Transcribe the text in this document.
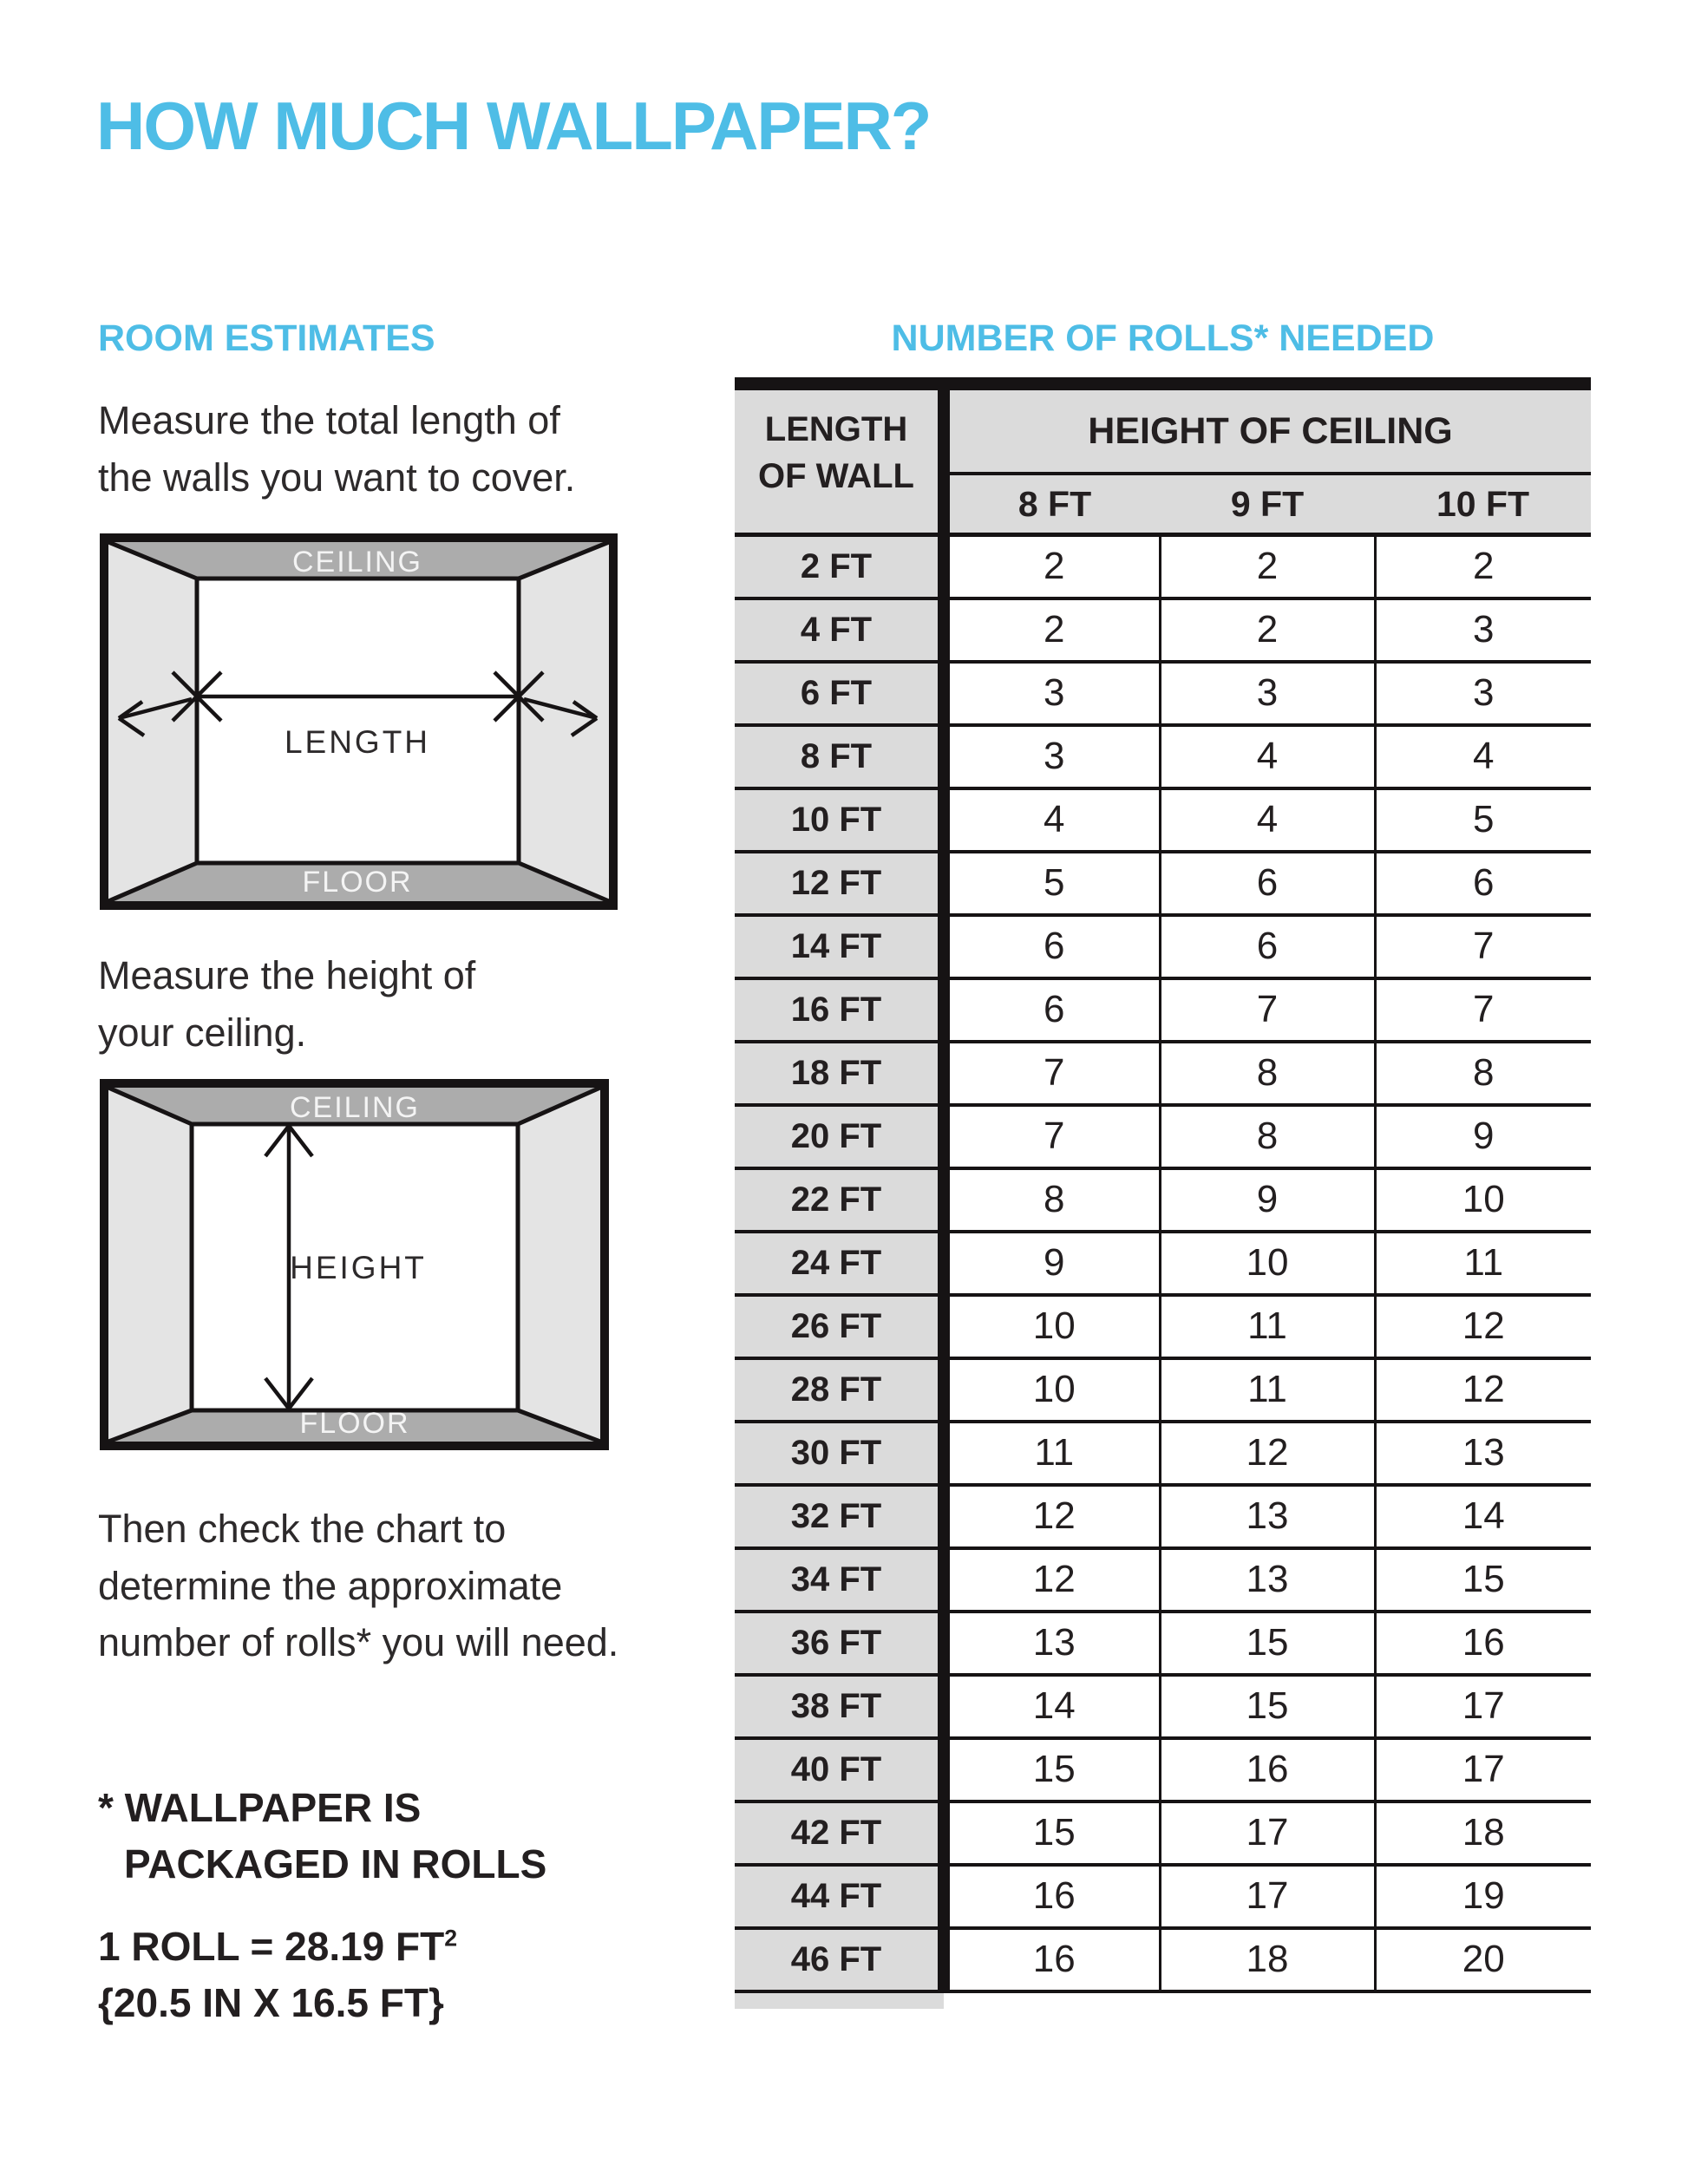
HOW MUCH WALLPAPER?
ROOM ESTIMATES	NUMBER OF ROLLS* NEEDED
Measure the total length of
the walls you want to cover.
CEILING
FLOOR
LENGTH
Measure the height of
your ceiling.
CEILING
FLOOR
HEIGHT
Then check the chart to
determine the approximate
number of rolls* you will need.
* WALLPAPER IS
PACKAGED IN ROLLS
1 ROLL = 28.19 $FT^2$
{20.5 IN X 16.5 FT}
LENGTH OF WALL	HEIGHT OF CEILING		
	8 FT	9 FT	10 FT
2 FT	2	2	2
4 FT	2	2	3
6 FT	3	3	3
8 FT	3	4	4
10 FT	4	4	5
12 FT	5	6	6
14 FT	6	6	7
16 FT	6	7	7
18 FT	7	8	8
20 FT	7	8	9
22 FT	8	9	10
24 FT	9	10	11
26 FT	10	11	12
28 FT	10	11	12
30 FT	11	12	13
32 FT	12	13	14
34 FT	12	13	15
36 FT	13	15	16
38 FT	14	15	17
40 FT	15	16	17
42 FT	15	17	18
44 FT	16	17	19
46 FT	16	18	20
